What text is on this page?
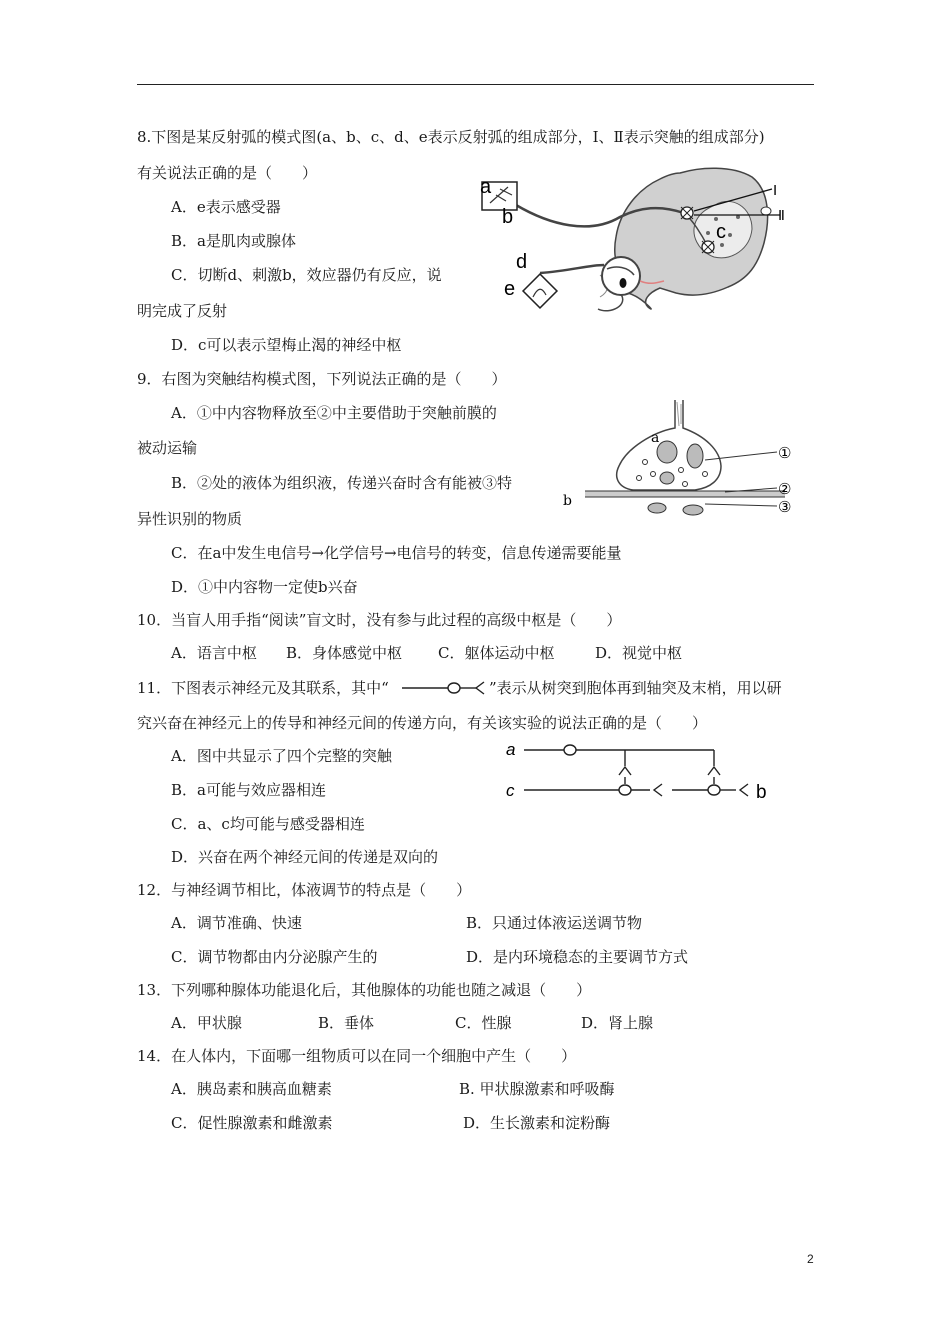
8.下图是某反射弧的模式图(a、b、c、d、e表示反射弧的组成部分，Ⅰ、Ⅱ表示突触的组成部分)
有关说法正确的是（　　）
A．e表示感受器
B．a是肌肉或腺体
C．切断d、刺激b，效应器仍有反应，说
明完成了反射
D．c可以表示望梅止渴的神经中枢
a
b
c
d
e
Ⅰ
Ⅱ
9．右图为突触结构模式图，下列说法正确的是（　　）
A．①中内容物释放至②中主要借助于突触前膜的
被动运输
B．②处的液体为组织液，传递兴奋时含有能被③特
异性识别的物质
C．在a中发生电信号→化学信号→电信号的转变，信息传递需要能量
D．①中内容物一定使b兴奋
a
b
①
②
③
10．当盲人用手指“阅读”盲文时，没有参与此过程的高级中枢是（　　）
A．语言中枢 B．身体感觉中枢 C．躯体运动中枢	D．视觉中枢
11．下图表示神经元及其联系，其中“	”表示从树突到胞体再到轴突及末梢，用以研
究兴奋在神经元上的传导和神经元间的传递方向，有关该实验的说法正确的是（　　）
A．图中共显示了四个完整的突触
B．a可能与效应器相连
C．a、c均可能与感受器相连
D．兴奋在两个神经元间的传递是双向的
a
c	b
12．与神经调节相比，体液调节的特点是（　　）
A．调节准确、快速	B．只通过体液运送调节物
C．调节物都由内分泌腺产生的	D．是内环境稳态的主要调节方式
13．下列哪种腺体功能退化后，其他腺体的功能也随之减退（　　）
A．甲状腺	B．垂体	C．性腺	D．肾上腺
14．在人体内，下面哪一组物质可以在同一个细胞中产生（　　）
A．胰岛素和胰高血糖素	B. 甲状腺激素和呼吸酶
C．促性腺激素和雌激素	D．生长激素和淀粉酶
2
